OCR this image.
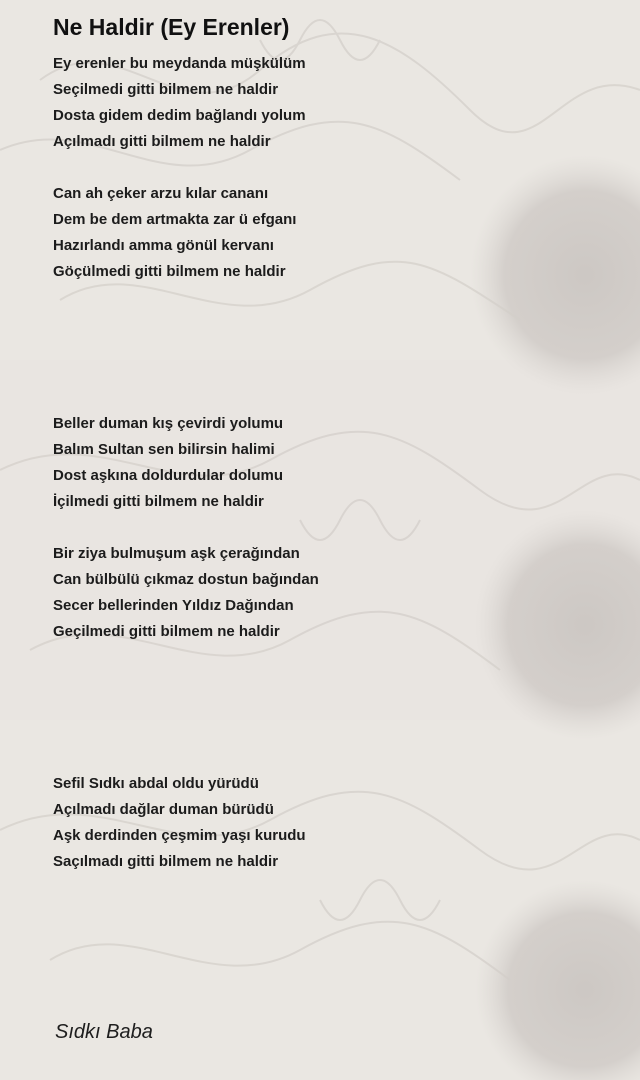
Ne Haldir (Ey Erenler)
Ey erenler bu meydanda müşkülüm
Seçilmedi gitti bilmem ne haldir
Dosta gidem dedim bağlandı yolum
Açılmadı gitti bilmem ne haldir
Can ah çeker arzu kılar cananı
Dem be dem artmakta zar ü efganı
Hazırlandı amma gönül kervanı
Göçülmedi gitti bilmem ne haldir
Beller duman kış çevirdi yolumu
Balım Sultan sen bilirsin halimi
Dost aşkına doldurdular dolumu
İçilmedi gitti bilmem ne haldir
Bir ziya bulmuşum aşk çerağından
Can bülbülü çıkmaz dostun bağından
Secer bellerinden Yıldız Dağından
Geçilmedi gitti bilmem ne haldir
Sefil Sıdkı abdal oldu yürüdü
Açılmadı dağlar duman bürüdü
Aşk derdinden çeşmim yaşı kurudu
Saçılmadı gitti bilmem ne haldir

Sıdkı Baba
